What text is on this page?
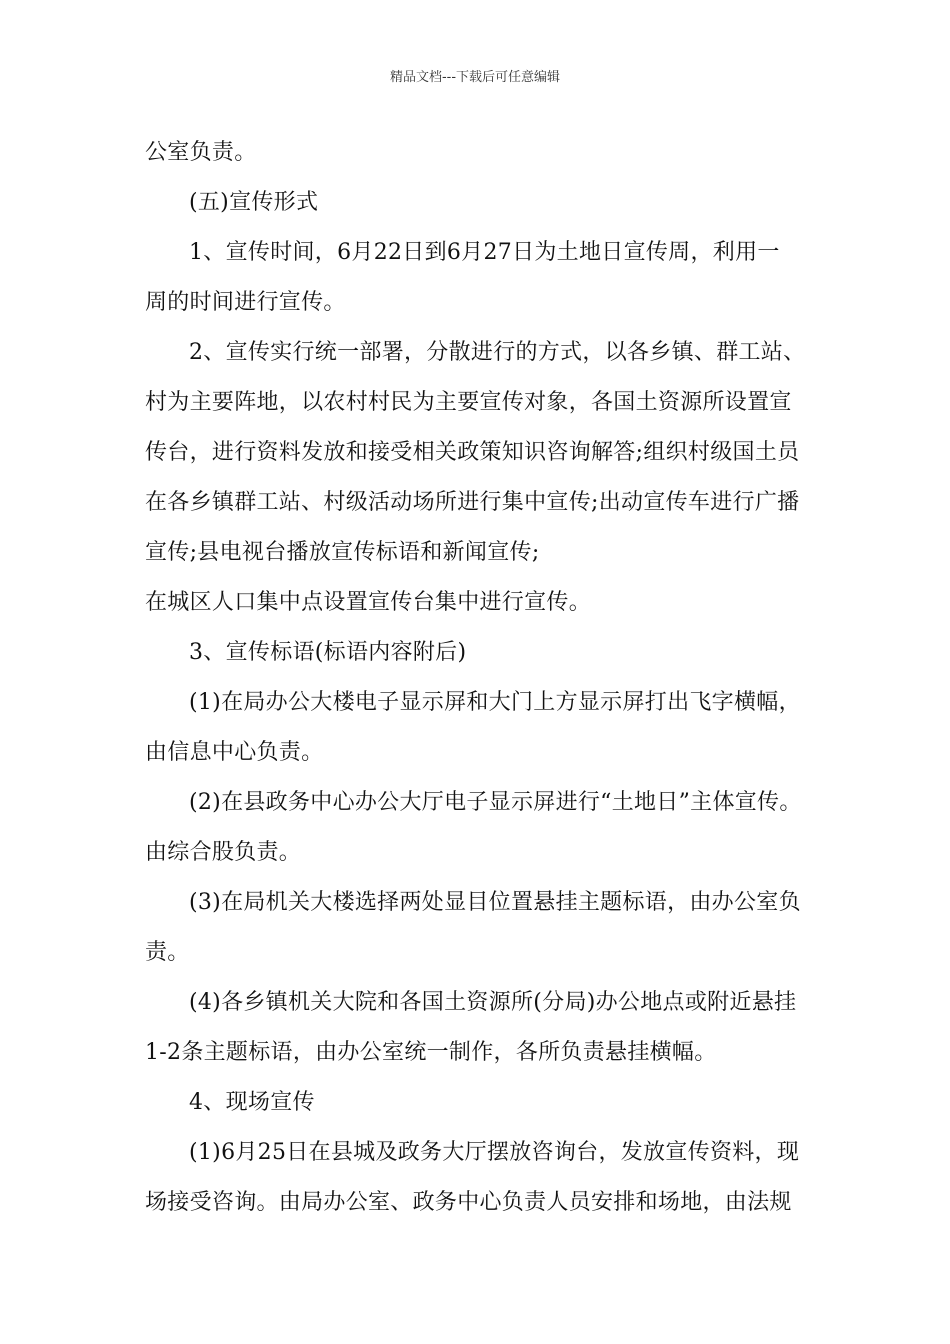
精品文档---下载后可任意编辑
公室负责。
(五)宣传形式
1、宣传时间，6月22日到6月27日为土地日宣传周，利用一
周的时间进行宣传。
2、宣传实行统一部署，分散进行的方式，以各乡镇、群工站、
村为主要阵地，以农村村民为主要宣传对象，各国土资源所设置宣
传台，进行资料发放和接受相关政策知识咨询解答;组织村级国土员
在各乡镇群工站、村级活动场所进行集中宣传;出动宣传车进行广播
宣传;县电视台播放宣传标语和新闻宣传;
在城区人口集中点设置宣传台集中进行宣传。
3、宣传标语(标语内容附后)
(1)在局办公大楼电子显示屏和大门上方显示屏打出飞字横幅，
由信息中心负责。
(2)在县政务中心办公大厅电子显示屏进行“土地日”主体宣传。
由综合股负责。
(3)在局机关大楼选择两处显目位置悬挂主题标语，由办公室负
责。
(4)各乡镇机关大院和各国土资源所(分局)办公地点或附近悬挂
1-2条主题标语，由办公室统一制作，各所负责悬挂横幅。
4、现场宣传
(1)6月25日在县城及政务大厅摆放咨询台，发放宣传资料，现
场接受咨询。由局办公室、政务中心负责人员安排和场地，由法规
